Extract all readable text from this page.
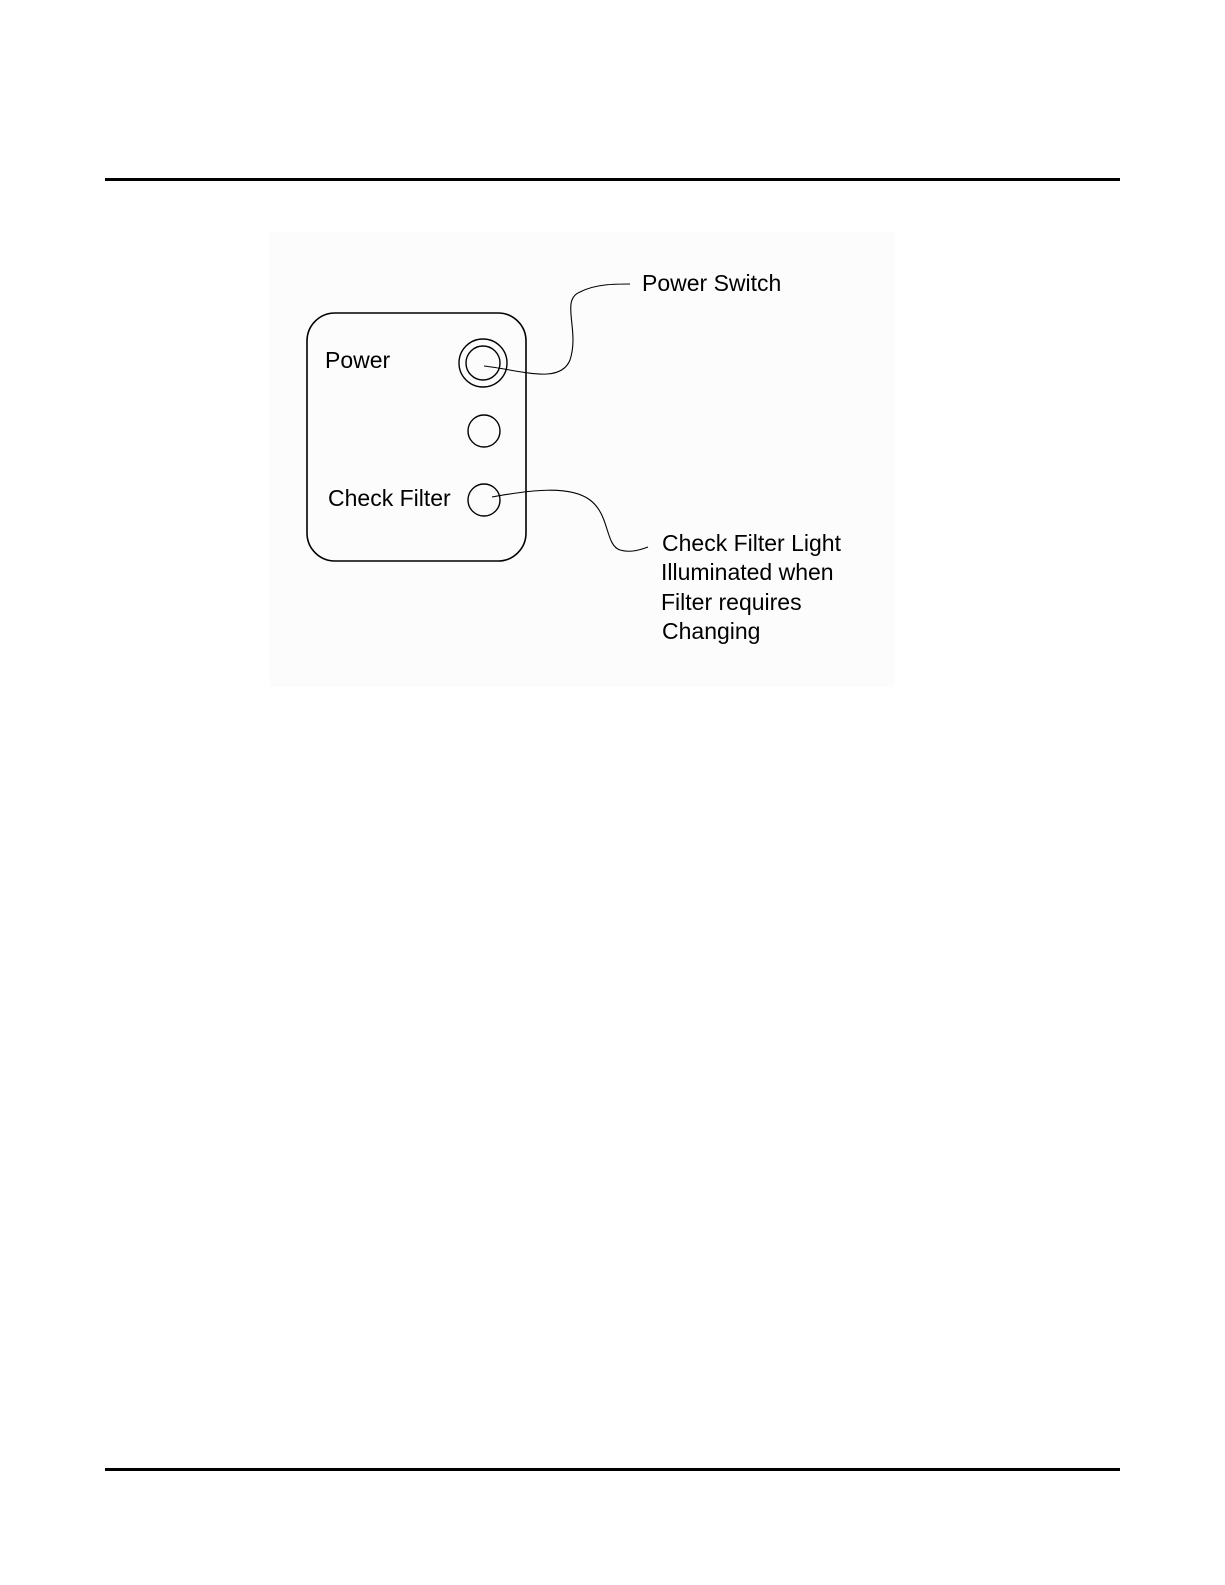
Power
Check Filter
Power Switch
Check Filter Light
Illuminated when
Filter requires
Changing
